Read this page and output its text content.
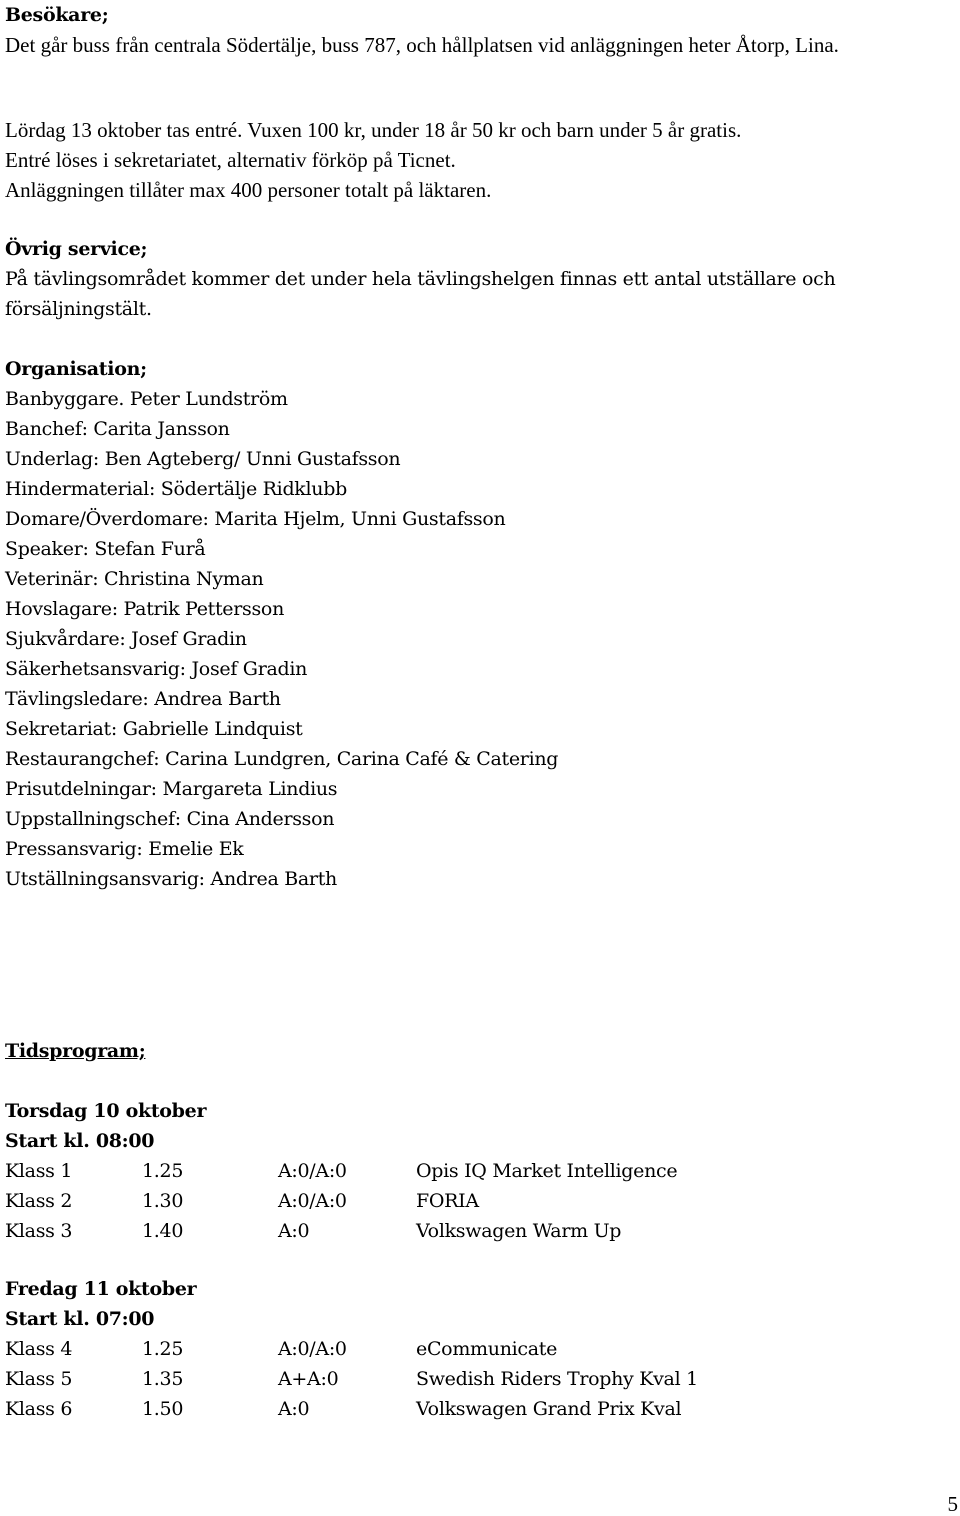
Besökare;
Det går buss från centrala Södertälje, buss 787, och hållplatsen vid anläggningen heter Åtorp, Lina.
Lördag 13 oktober tas entré. Vuxen 100 kr, under 18 år 50 kr och barn under 5 år gratis.
Entré löses i sekretariatet, alternativ förköp på Ticnet.
Anläggningen tillåter max 400 personer totalt på läktaren.
Övrig service;
På tävlingsområdet kommer det under hela tävlingshelgen finnas ett antal utställare och försäljningstält.
Organisation;
Banbyggare. Peter Lundström
Banchef: Carita Jansson
Underlag: Ben Agteberg/ Unni Gustafsson
Hindermaterial: Södertälje Ridklubb
Domare/Överdomare: Marita Hjelm, Unni Gustafsson
Speaker: Stefan Furå
Veterinär: Christina Nyman
Hovslagare: Patrik Pettersson
Sjukvårdare: Josef Gradin
Säkerhetsansvarig: Josef Gradin
Tävlingsledare: Andrea Barth
Sekretariat: Gabrielle Lindquist
Restaurangchef: Carina Lundgren, Carina Café & Catering
Prisutdelningar: Margareta Lindius
Uppstallningschef: Cina Andersson
Pressansvarig: Emelie Ek
Utställningsansvarig: Andrea Barth
Tidsprogram;
Torsdag 10 oktober
Start kl. 08:00
Klass 1	1.25	A:0/A:0	Opis IQ Market Intelligence
Klass 2	1.30	A:0/A:0	FORIA
Klass 3	1.40	A:0	Volkswagen Warm Up
Fredag 11 oktober
Start kl. 07:00
Klass 4	1.25	A:0/A:0	eCommunicate
Klass 5	1.35	A+A:0	Swedish Riders Trophy Kval 1
Klass 6	1.50	A:0	Volkswagen Grand Prix Kval
5
